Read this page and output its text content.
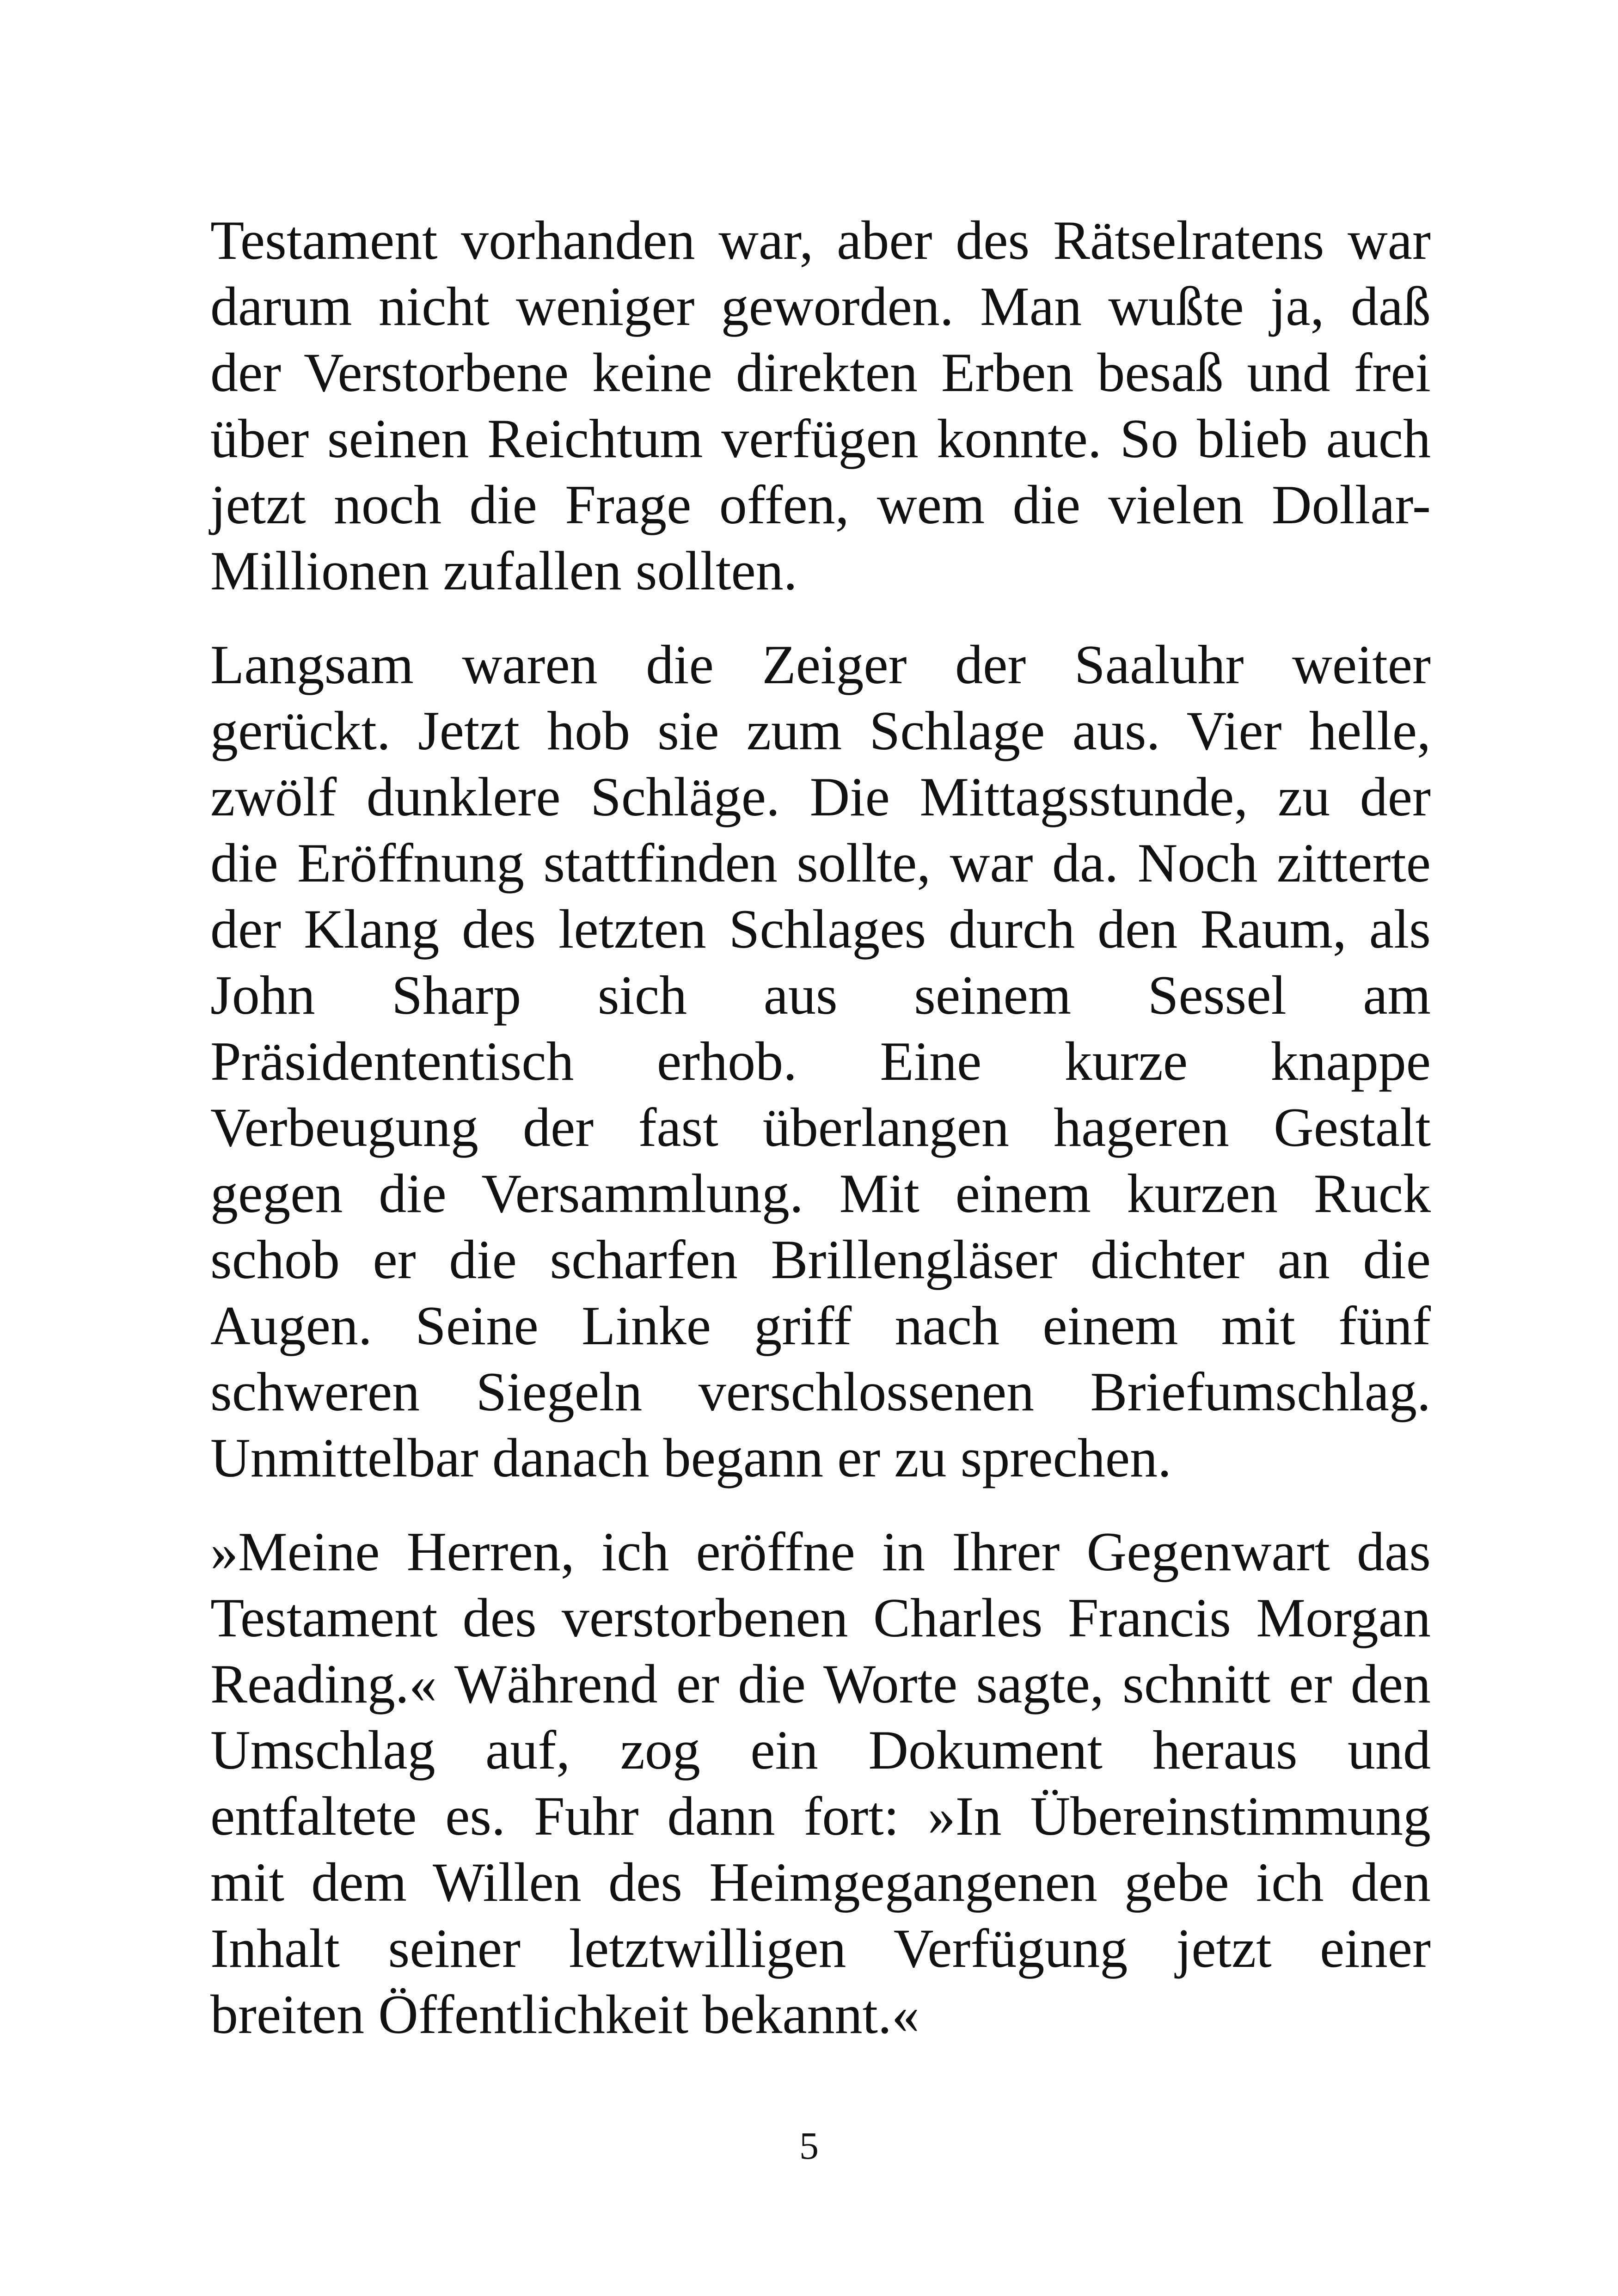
Testament vorhanden war, aber des Rätselratens war
darum nicht weniger geworden. Man wußte ja, daß
der Verstorbene keine direkten Erben besaß und frei
über seinen Reichtum verfügen konnte. So blieb auch
jetzt noch die Frage offen, wem die vielen Dollar-
Millionen zufallen sollten.

Langsam waren die Zeiger der Saaluhr weiter
gerückt. Jetzt hob sie zum Schlage aus. Vier helle,
zwölf dunklere Schläge. Die Mittagsstunde, zu der
die Eröffnung stattfinden sollte, war da. Noch zitterte
der Klang des letzten Schlages durch den Raum, als
John Sharp sich aus seinem Sessel am
Präsidententisch erhob. Eine kurze knappe
Verbeugung der fast überlangen hageren Gestalt
gegen die Versammlung. Mit einem kurzen Ruck
schob er die scharfen Brillengläser dichter an die
Augen. Seine Linke griff nach einem mit fünf
schweren Siegeln verschlossenen Briefumschlag.
Unmittelbar danach begann er zu sprechen.

»Meine Herren, ich eröffne in Ihrer Gegenwart das
Testament des verstorbenen Charles Francis Morgan
Reading.« Während er die Worte sagte, schnitt er den
Umschlag auf, zog ein Dokument heraus und
entfaltete es. Fuhr dann fort: »In Übereinstimmung
mit dem Willen des Heimgegangenen gebe ich den
Inhalt seiner letztwilligen Verfügung jetzt einer
breiten Öffentlichkeit bekannt.«

5
